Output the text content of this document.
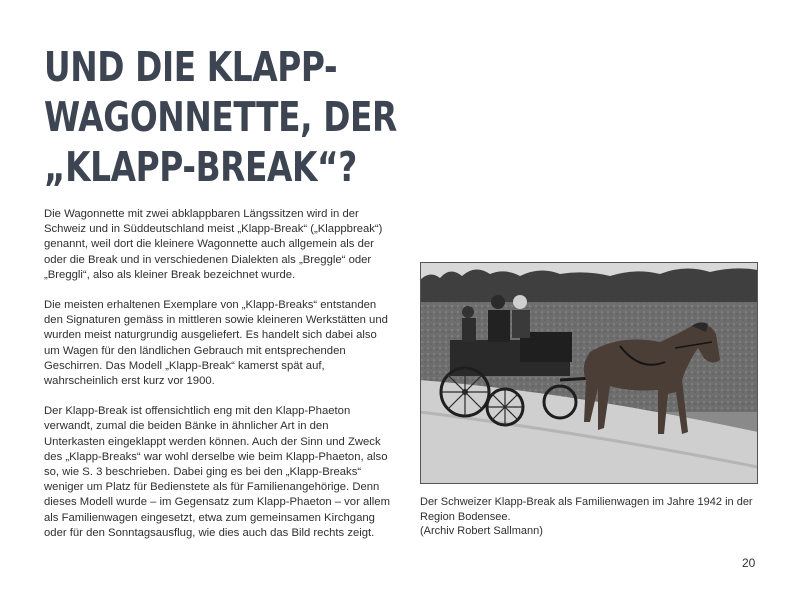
UND DIE KLAPP-
WAGONNETTE, DER
„KLAPP-BREAK“?

Die Wagonnette mit zwei abklappbaren Längssitzen wird in der Schweiz und in Süddeutschland meist „Klapp-Break“ („Klappbreak“) genannt, weil dort die kleinere Wagonnette auch allgemein als der oder die Break und in verschiedenen Dialekten als „Breggle“ oder „Breggli“, also als kleiner Break bezeichnet wurde.

Die meisten erhaltenen Exemplare von „Klapp-Breaks“ entstanden den Signaturen gemäss in mittleren sowie kleineren Werkstätten und wurden meist naturgrundig ausgeliefert. Es handelt sich dabei also um Wagen für den ländlichen Gebrauch mit entsprechenden Geschirren. Das Modell „Klapp-Break“ kamerst spät auf, wahrscheinlich erst kurz vor 1900.

Der Klapp-Break ist offensichtlich eng mit den Klapp-Phaeton verwandt, zumal die beiden Bänke in ähnlicher Art in den Unterkasten eingeklappt werden können. Auch der Sinn und Zweck des „Klapp-Breaks“ war wohl derselbe wie beim Klapp-Phaeton, also so, wie S. 3 beschrieben. Dabei ging es bei den „Klapp-Breaks“ weniger um Platz für Bedienstete als für Familienangehörige. Denn dieses Modell wurde – im Gegensatz zum Klapp-Phaeton – vor allem als Familienwagen eingesetzt, etwa zum gemeinsamen Kirchgang oder für den Sonntagsausflug, wie dies auch das Bild rechts zeigt.

Der Schweizer Klapp-Break als Familienwagen im Jahre 1942 in der
Region Bodensee.
(Archiv Robert Sallmann)
20
